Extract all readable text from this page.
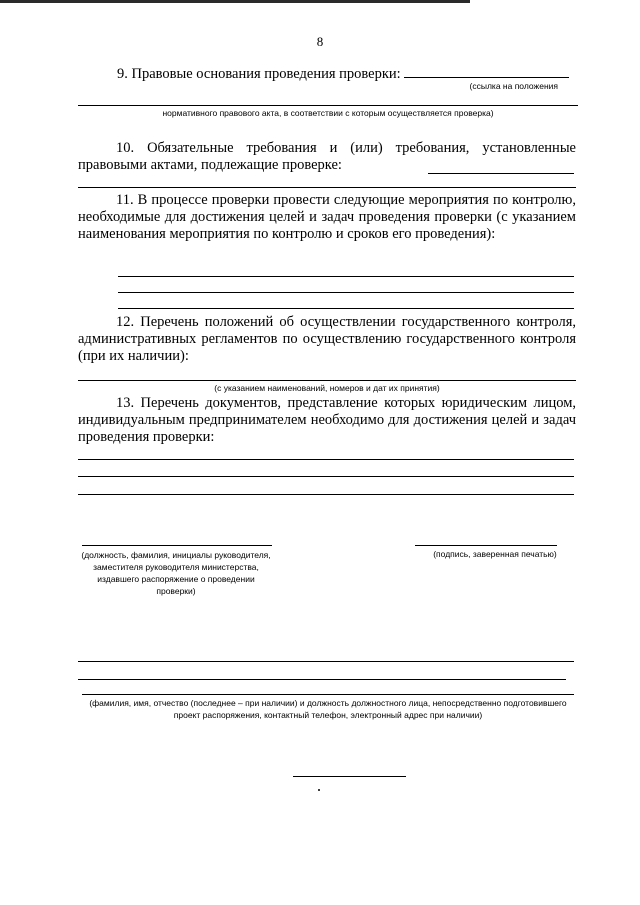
8
9. Правовые основания проведения проверки:
(ссылка на положения
нормативного правового акта, в соответствии с которым осуществляется проверка)
10. Обязательные требования и (или) требования, установленные правовыми актами, подлежащие проверке:
11. В процессе проверки провести следующие мероприятия по контролю, необходимые для достижения целей и задач проведения проверки (с указанием наименования мероприятия по контролю и сроков его проведения):
12. Перечень положений об осуществлении государственного контроля, административных регламентов по осуществлению государственного контроля (при их наличии):
(с указанием наименований, номеров и дат их принятия)
13. Перечень документов, представление которых юридическим лицом, индивидуальным предпринимателем необходимо для достижения целей и задач проведения проверки:
(должность, фамилия, инициалы руководителя, заместителя руководителя министерства, издавшего распоряжение о проведении проверки)
(подпись, заверенная печатью)
(фамилия, имя, отчество (последнее – при наличии) и должность должностного лица, непосредственно подготовившего проект распоряжения, контактный телефон, электронный адрес при наличии)
